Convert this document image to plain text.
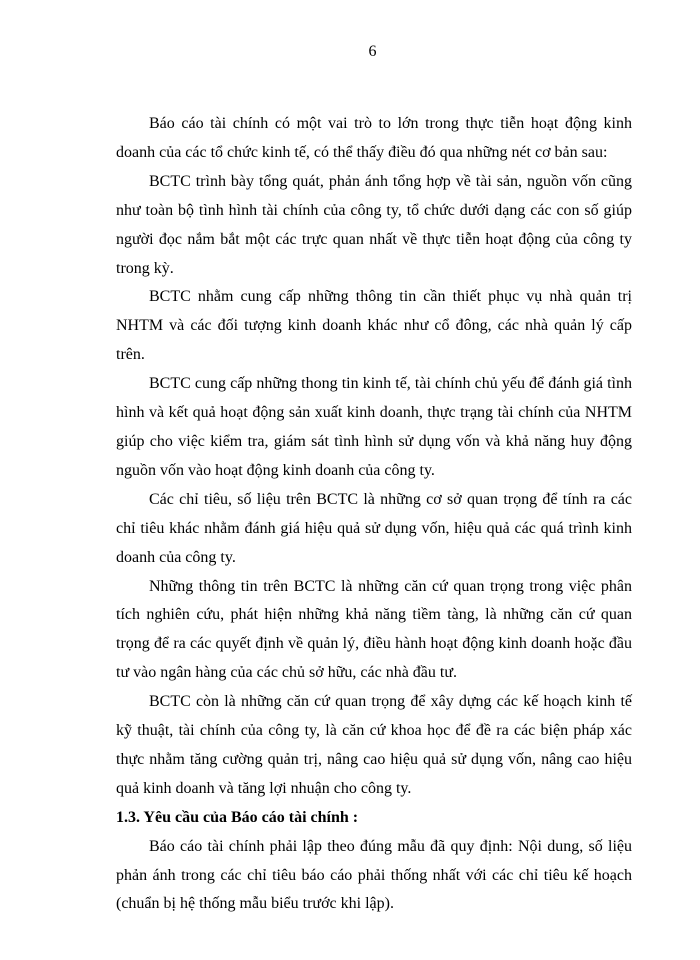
6

Báo cáo tài chính có một vai trò to lớn trong thực tiễn hoạt động kinh doanh của các tổ chức kinh tế, có thể thấy điều đó qua những nét cơ bản sau:

BCTC trình bày tổng quát, phản ánh tổng hợp về tài sản, nguồn vốn cũng như toàn bộ tình hình tài chính của công ty, tổ chức dưới dạng các con số giúp người đọc nắm bắt một các trực quan nhất về thực tiễn hoạt động của công ty trong kỳ.

BCTC nhằm cung cấp những thông tin cần thiết phục vụ nhà quản trị NHTM và các đối tượng kinh doanh khác như cổ đông, các nhà quản lý cấp trên.

BCTC cung cấp những thong tin kinh tế, tài chính chủ yếu để đánh giá tình hình và kết quả hoạt động sản xuất kinh doanh, thực trạng tài chính của NHTM giúp cho việc kiểm tra, giám sát tình hình sử dụng vốn và khả năng huy động nguồn vốn vào hoạt động kinh doanh của công ty.

Các chỉ tiêu, số liệu trên BCTC là những cơ sở quan trọng để tính ra các chỉ tiêu khác nhằm đánh giá hiệu quả sử dụng vốn, hiệu quả các quá trình kinh doanh của công ty.

Những thông tin trên BCTC là những căn cứ quan trọng trong việc phân tích nghiên cứu, phát hiện những khả năng tiềm tàng, là những căn cứ quan trọng để ra các quyết định về quản lý, điều hành hoạt động kinh doanh hoặc đầu tư vào ngân hàng của các chủ sở hữu, các nhà đầu tư.

BCTC còn là những căn cứ quan trọng để xây dựng các kế hoạch kinh tế kỹ thuật, tài chính của công ty, là căn cứ khoa học để đề ra các biện pháp xác thực nhằm tăng cường quản trị, nâng cao hiệu quả sử dụng vốn, nâng cao hiệu quả kinh doanh và tăng lợi nhuận cho công ty.

1.3. Yêu cầu của Báo cáo tài chính :

Báo cáo tài chính phải lập theo đúng mẫu đã quy định: Nội dung, số liệu phản ánh trong các chỉ tiêu báo cáo phải thống nhất với các chỉ tiêu kế hoạch (chuẩn bị hệ thống mẫu biểu trước khi lập).
